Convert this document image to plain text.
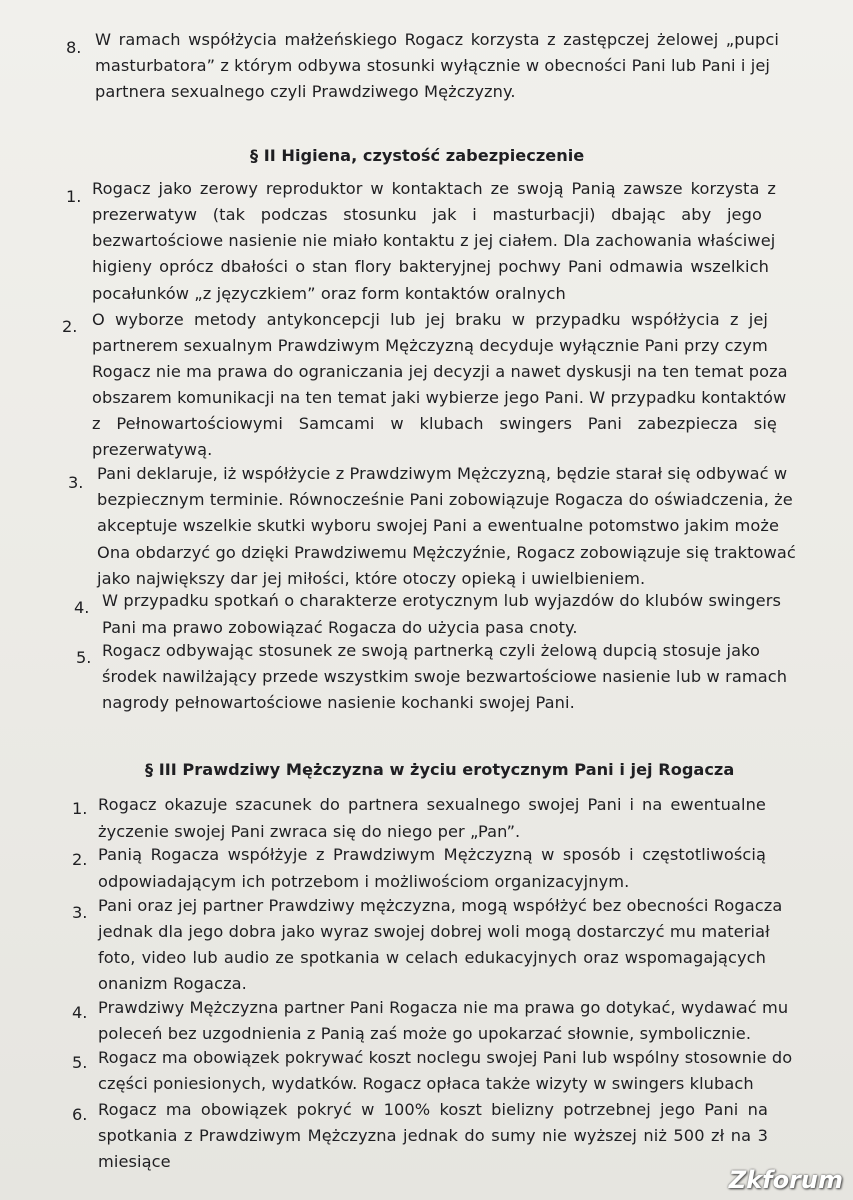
8. W ramach współżycia małżeńskiego Rogacz korzysta z zastępczej żelowej „pupci

masturbatora” z którym odbywa stosunki wyłącznie w obecności Pani lub Pani i jej

partnera sexualnego czyli Prawdziwego Mężczyzny.

§ II Higiena, czystość zabezpieczenie

1. Rogacz jako zerowy reproduktor w kontaktach ze swoją Panią zawsze korzysta z

prezerwatyw (tak podczas stosunku jak i masturbacji) dbając aby jego

bezwartościowe nasienie nie miało kontaktu z jej ciałem. Dla zachowania właściwej

higieny oprócz dbałości o stan flory bakteryjnej pochwy Pani odmawia wszelkich

pocałunków „z języczkiem” oraz form kontaktów oralnych

2. O wyborze metody antykoncepcji lub jej braku w przypadku współżycia z jej

partnerem sexualnym Prawdziwym Mężczyzną decyduje wyłącznie Pani przy czym

Rogacz nie ma prawa do ograniczania jej decyzji a nawet dyskusji na ten temat poza

obszarem komunikacji na ten temat jaki wybierze jego Pani. W przypadku kontaktów

z Pełnowartościowymi Samcami w klubach swingers Pani zabezpiecza się

prezerwatywą.

3. Pani deklaruje, iż współżycie z Prawdziwym Mężczyzną, będzie starał się odbywać w

bezpiecznym terminie. Równocześnie Pani zobowiązuje Rogacza do oświadczenia, że

akceptuje wszelkie skutki wyboru swojej Pani a ewentualne potomstwo jakim może

Ona obdarzyć go dzięki Prawdziwemu Mężczyźnie, Rogacz zobowiązuje się traktować

jako największy dar jej miłości, które otoczy opieką i uwielbieniem.

4. W przypadku spotkań o charakterze erotycznym lub wyjazdów do klubów swingers

Pani ma prawo zobowiązać Rogacza do użycia pasa cnoty.

5. Rogacz odbywając stosunek ze swoją partnerką czyli żelową dupcią stosuje jako

środek nawilżający przede wszystkim swoje bezwartościowe nasienie lub w ramach

nagrody pełnowartościowe nasienie kochanki swojej Pani.

§ III Prawdziwy Mężczyzna w życiu erotycznym Pani i jej Rogacza

1. Rogacz okazuje szacunek do partnera sexualnego swojej Pani i na ewentualne

życzenie swojej Pani zwraca się do niego per „Pan”.

2. Panią Rogacza współżyje z Prawdziwym Mężczyzną w sposób i częstotliwością

odpowiadającym ich potrzebom i możliwościom organizacyjnym.

3. Pani oraz jej partner Prawdziwy mężczyzna, mogą współżyć bez obecności Rogacza

jednak dla jego dobra jako wyraz swojej dobrej woli mogą dostarczyć mu materiał

foto, video lub audio ze spotkania w celach edukacyjnych oraz wspomagających

onanizm Rogacza.

4. Prawdziwy Mężczyzna partner Pani Rogacza nie ma prawa go dotykać, wydawać mu

poleceń bez uzgodnienia z Panią zaś może go upokarzać słownie, symbolicznie.

5. Rogacz ma obowiązek pokrywać koszt noclegu swojej Pani lub wspólny stosownie do

części poniesionych, wydatków. Rogacz opłaca także wizyty w swingers klubach

6. Rogacz ma obowiązek pokryć w 100% koszt bielizny potrzebnej jego Pani na

spotkania z Prawdziwym Mężczyzna jednak do sumy nie wyższej niż 500 zł na 3

miesiące

Zkforum
